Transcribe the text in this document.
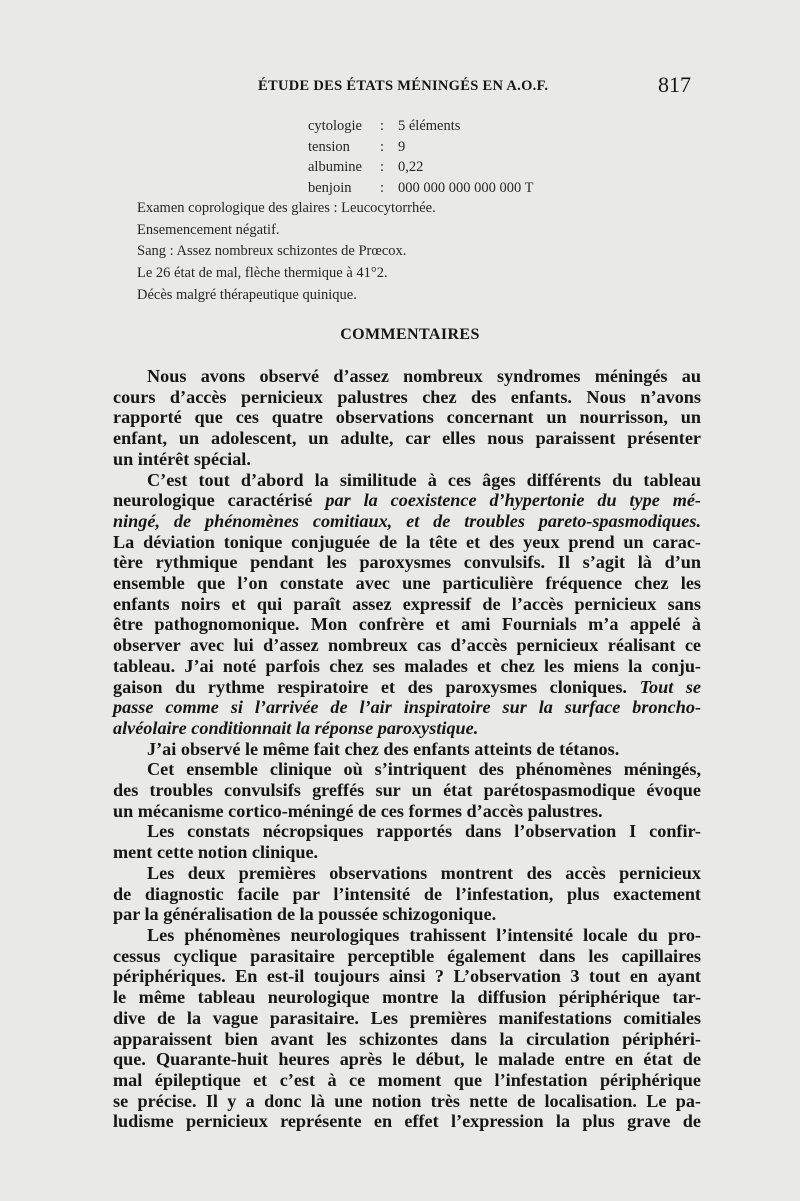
ÉTUDE DES ÉTATS MÉNINGÉS EN A.O.F.	817
cytologie	: 5 éléments
tension	: 9
albumine	: 0,22
benjoin	: 000 000 000 000 000 T
Examen coprologique des glaires : Leucocytorrhée.
Ensemencement négatif.
Sang : Assez nombreux schizontes de Prœcox.
Le 26 état de mal, flèche thermique à 41°2.
Décès malgré thérapeutique quinique.
COMMENTAIRES
Nous avons observé d’assez nombreux syndromes méningés au
cours d’accès pernicieux palustres chez des enfants. Nous n’avons
rapporté que ces quatre observations concernant un nourrisson, un
enfant, un adolescent, un adulte, car elles nous paraissent présenter
un intérêt spécial.
C’est tout d’abord la similitude à ces âges différents du tableau
neurologique caractérisé par la coexistence d’hypertonie du type mé-
ningé, de phénomènes comitiaux, et de troubles pareto-spasmodiques.
La déviation tonique conjuguée de la tête et des yeux prend un carac-
tère rythmique pendant les paroxysmes convulsifs. Il s’agit là d’un
ensemble que l’on constate avec une particulière fréquence chez les
enfants noirs et qui paraît assez expressif de l’accès pernicieux sans
être pathognomonique. Mon confrère et ami Fournials m’a appelé à
observer avec lui d’assez nombreux cas d’accès pernicieux réalisant ce
tableau. J’ai noté parfois chez ses malades et chez les miens la conju-
gaison du rythme respiratoire et des paroxysmes cloniques. Tout se
passe comme si l’arrivée de l’air inspiratoire sur la surface broncho-
alvéolaire conditionnait la réponse paroxystique.
J’ai observé le même fait chez des enfants atteints de tétanos.
Cet ensemble clinique où s’intriquent des phénomènes méningés,
des troubles convulsifs greffés sur un état parétospasmodique évoque
un mécanisme cortico-méningé de ces formes d’accès palustres.
Les constats nécropsiques rapportés dans l’observation I confir-
ment cette notion clinique.
Les deux premières observations montrent des accès pernicieux
de diagnostic facile par l’intensité de l’infestation, plus exactement
par la généralisation de la poussée schizogonique.
Les phénomènes neurologiques trahissent l’intensité locale du pro-
cessus cyclique parasitaire perceptible également dans les capillaires
périphériques. En est-il toujours ainsi ? L’observation 3 tout en ayant
le même tableau neurologique montre la diffusion périphérique tar-
dive de la vague parasitaire. Les premières manifestations comitiales
apparaissent bien avant les schizontes dans la circulation périphéri-
que. Quarante-huit heures après le début, le malade entre en état de
mal épileptique et c’est à ce moment que l’infestation périphérique
se précise. Il y a donc là une notion très nette de localisation. Le pa-
ludisme pernicieux représente en effet l’expression la plus grave de
